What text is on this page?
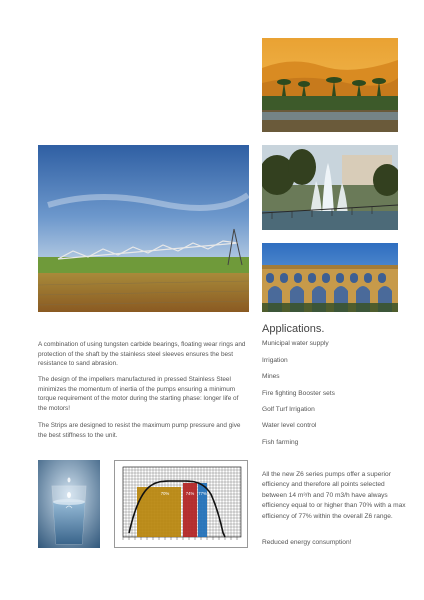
A combination of using tungsten carbide bearings, floating wear rings and protection of the shaft by the stainless steel sleeves ensures the best resistance to sand abrasion.

The design of the impellers manufactured in pressed Stainless Steel minimizes the momentum of inertia of the pumps ensuring a minimum torque requirement of the motor during the starting phase: longer life of the motors!

The Strips are designed to resist the maximum pump pressure and give the best stiffness to the unit.

Applications.
Municipal water supply
Irrigation
Mines
Fire fighting Booster sets
Golf Turf Irrigation
Water level control
Fish farming
70%	74% 77%

All the new Z6 series pumps offer a superior efficiency and therefore all points selected between 14 m³/h and 70 m3/h have always efficiency equal to or higher than 70% with a max efficiency of 77% within the overall Z6 range.

Reduced energy consumption!
